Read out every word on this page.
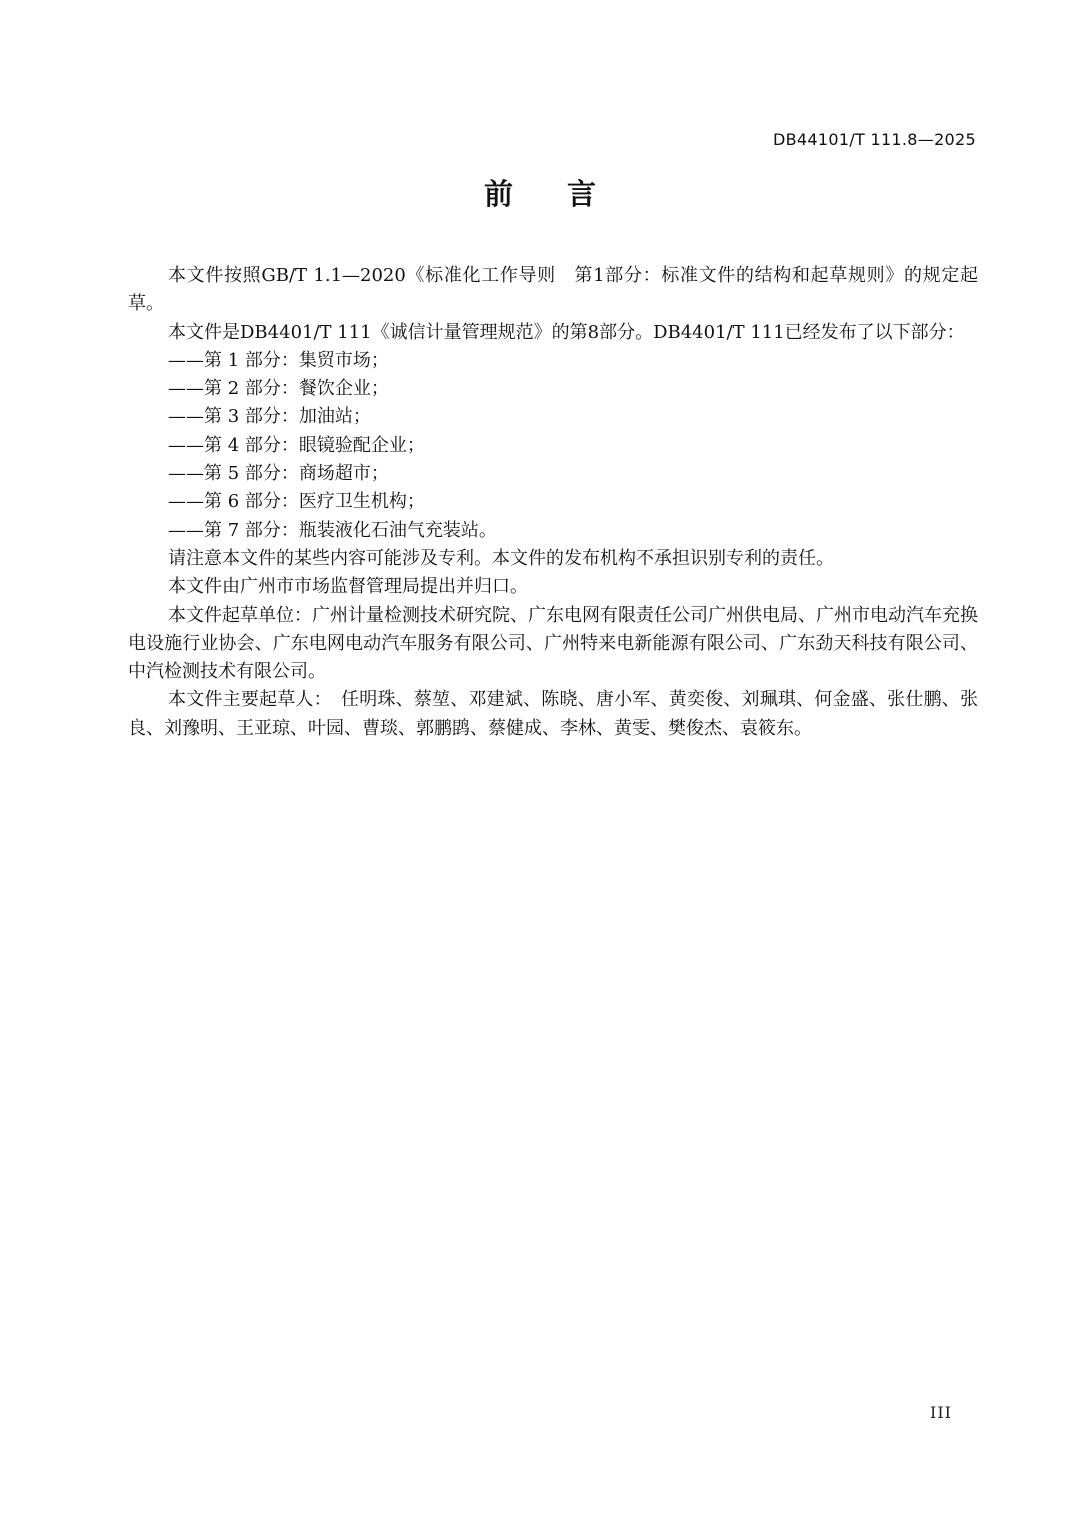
DB44101/T 111.8—2025
前言

本文件按照GB/T 1.1—2020《标准化工作导则　第1部分：标准文件的结构和起草规则》的规定起草。

本文件是DB4401/T 111《诚信计量管理规范》的第8部分。DB4401/T 111已经发布了以下部分：

——第 1 部分：集贸市场；

——第 2 部分：餐饮企业；

——第 3 部分：加油站；

——第 4 部分：眼镜验配企业；

——第 5 部分：商场超市；

——第 6 部分：医疗卫生机构；

——第 7 部分：瓶装液化石油气充装站。

请注意本文件的某些内容可能涉及专利。本文件的发布机构不承担识别专利的责任。

本文件由广州市市场监督管理局提出并归口。

本文件起草单位：广州计量检测技术研究院、广东电网有限责任公司广州供电局、广州市电动汽车充换电设施行业协会、广东电网电动汽车服务有限公司、广州特来电新能源有限公司、广东劲天科技有限公司、中汽检测技术有限公司。

本文件主要起草人：　任明珠、蔡堃、邓建斌、陈晓、唐小军、黄奕俊、刘珮琪、何金盛、张仕鹏、张良、刘豫明、王亚琼、叶园、曹琰、郭鹏鹍、蔡健成、李林、黄雯、樊俊杰、袁筱东。

III
